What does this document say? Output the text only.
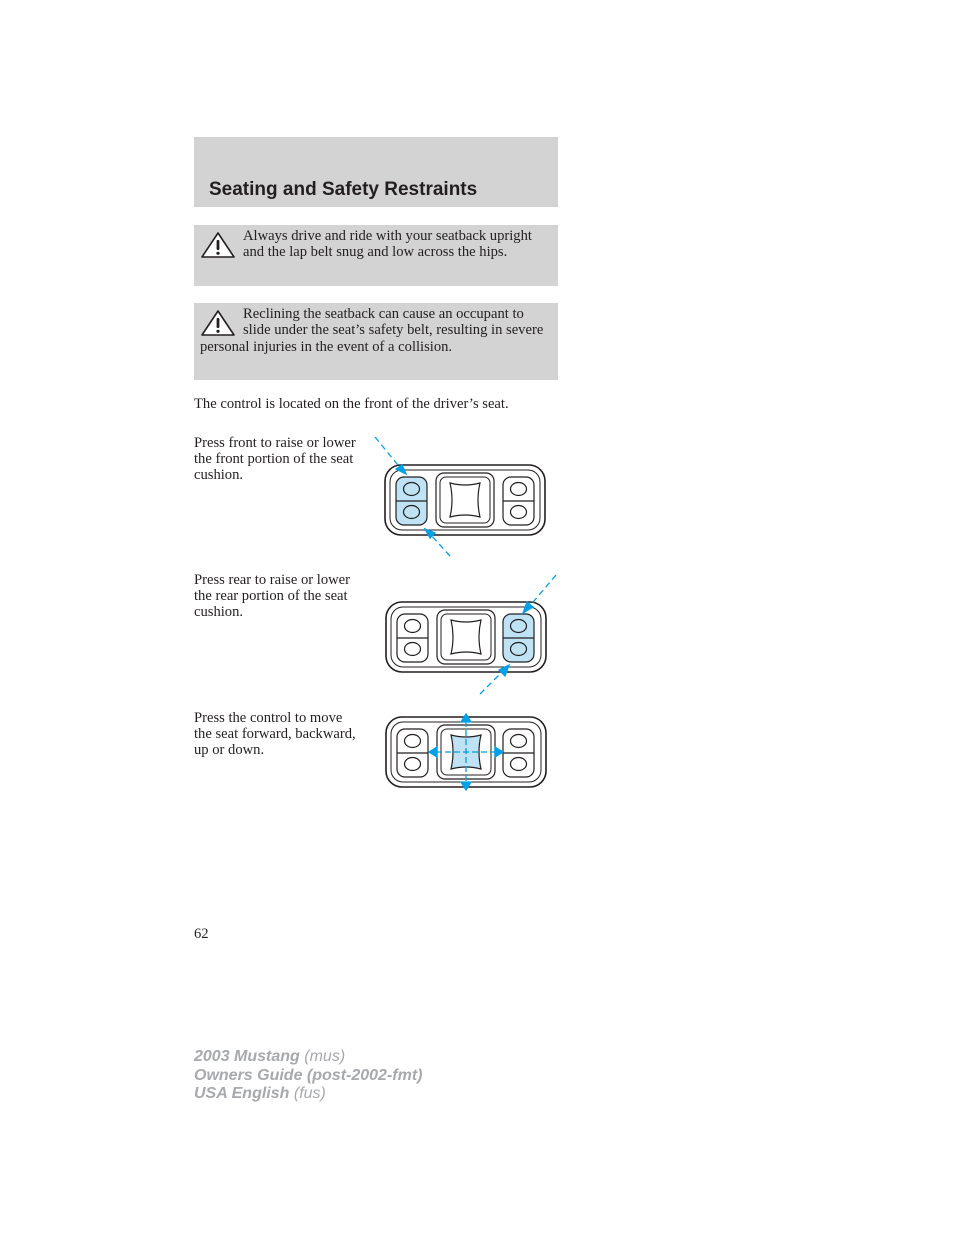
Seating and Safety Restraints
Always drive and ride with your seatback upright and the lap belt snug and low across the hips.
Reclining the seatback can cause an occupant to slide under the seat’s safety belt, resulting in severe personal injuries in the event of a collision.

The control is located on the front of the driver’s seat.

Press front to raise or lower the front portion of the seat cushion.

Press rear to raise or lower the rear portion of the seat cushion.

Press the control to move the seat forward, backward, up or down.

62

2003 Mustang (mus)
Owners Guide (post-2002-fmt)
USA English (fus)
